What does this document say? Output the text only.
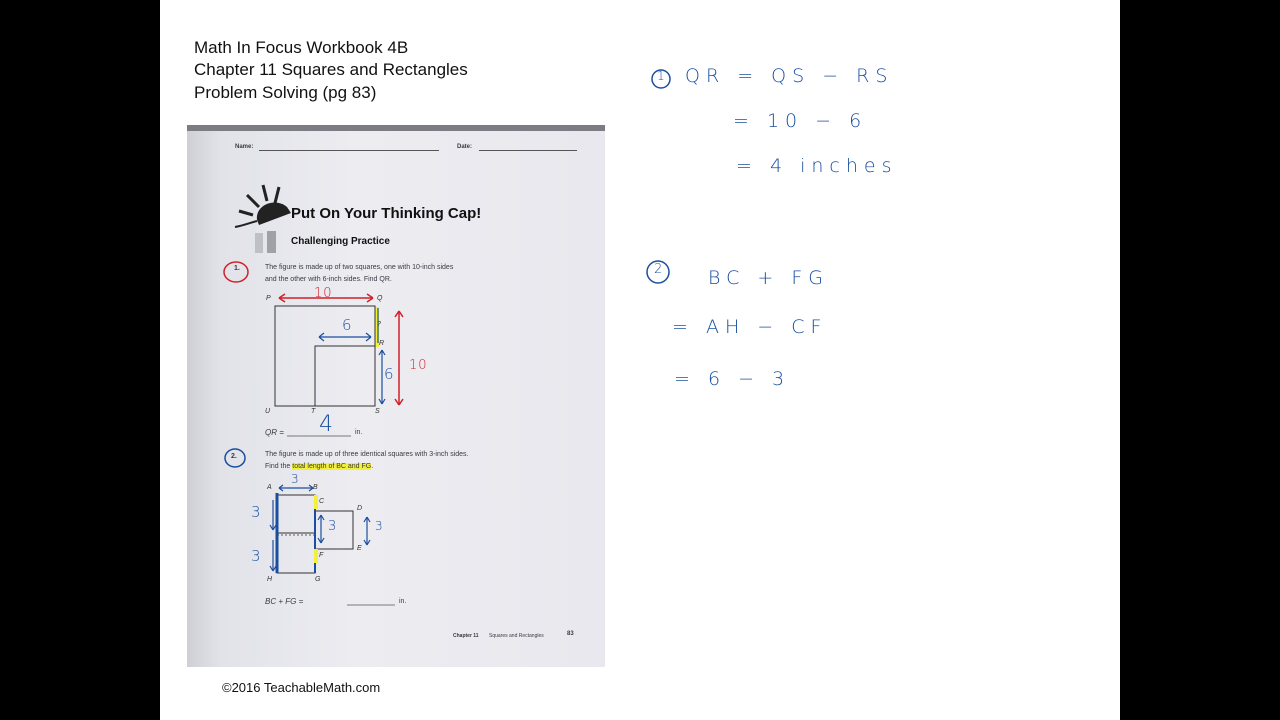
Math In Focus Workbook 4B
Chapter 11 Squares and Rectangles
Problem Solving (pg 83)
Name:	Date:
Put On Your Thinking Cap!
Challenging Practice
1.	The figure is made up of two squares, one with 10-inch sides
and the other with 6-inch sides. Find QR.
P	Q
?
R
S
T
U
10
6
6 10
QR = 4	in.
2.	The figure is made up of three identical squares with 3-inch sides.
Find the total length of BC and FG.
A	B
C
D
E
F
G
H
3
3
3
3	3
BC + FG =	in.
Chapter 11 Squares and Rectangles	83
1 QR = QS − RS
= 10 − 6
= 4 inches
2 BC + FG
= AH − CF
= 6 − 3
©2016 TeachableMath.com
